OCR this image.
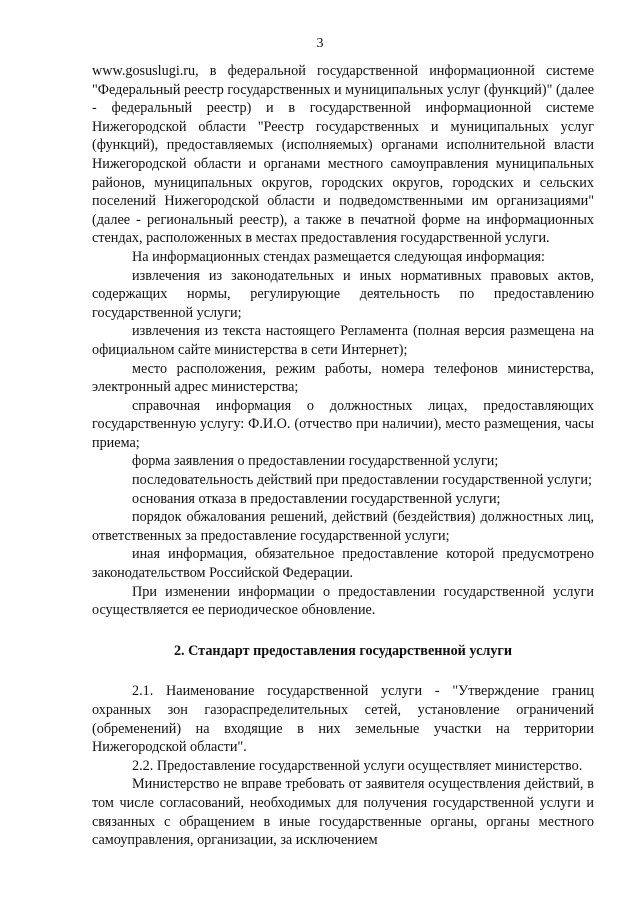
3

www.gosuslugi.ru, в федеральной государственной информационной системе "Федеральный реестр государственных и муниципальных услуг (функций)" (далее - федеральный реестр) и в государственной информационной системе Нижегородской области "Реестр государственных и муниципальных услуг (функций), предоставляемых (исполняемых) органами исполнительной власти Нижегородской области и органами местного самоуправления муниципальных районов, муниципальных округов, городских округов, городских и сельских поселений Нижегородской области и подведомственными им организациями" (далее - региональный реестр), а также в печатной форме на информационных стендах, расположенных в местах предоставления государственной услуги.

На информационных стендах размещается следующая информация:

извлечения из законодательных и иных нормативных правовых актов, содержащих нормы, регулирующие деятельность по предоставлению государственной услуги;

извлечения из текста настоящего Регламента (полная версия размещена на официальном сайте министерства в сети Интернет);

место расположения, режим работы, номера телефонов министерства, электронный адрес министерства;

справочная информация о должностных лицах, предоставляющих государственную услугу: Ф.И.О. (отчество при наличии), место размещения, часы приема;

форма заявления о предоставлении государственной услуги;

последовательность действий при предоставлении государственной услуги;

основания отказа в предоставлении государственной услуги;

порядок обжалования решений, действий (бездействия) должностных лиц, ответственных за предоставление государственной услуги;

иная информация, обязательное предоставление которой предусмотрено законодательством Российской Федерации.

При изменении информации о предоставлении государственной услуги осуществляется ее периодическое обновление.

2. Стандарт предоставления государственной услуги

2.1. Наименование государственной услуги - "Утверждение границ охранных зон газораспределительных сетей, установление ограничений (обременений) на входящие в них земельные участки на территории Нижегородской области".

2.2. Предоставление государственной услуги осуществляет министерство.

Министерство не вправе требовать от заявителя осуществления действий, в том числе согласований, необходимых для получения государственной услуги и связанных с обращением в иные государственные органы, органы местного самоуправления, организации, за исключением
